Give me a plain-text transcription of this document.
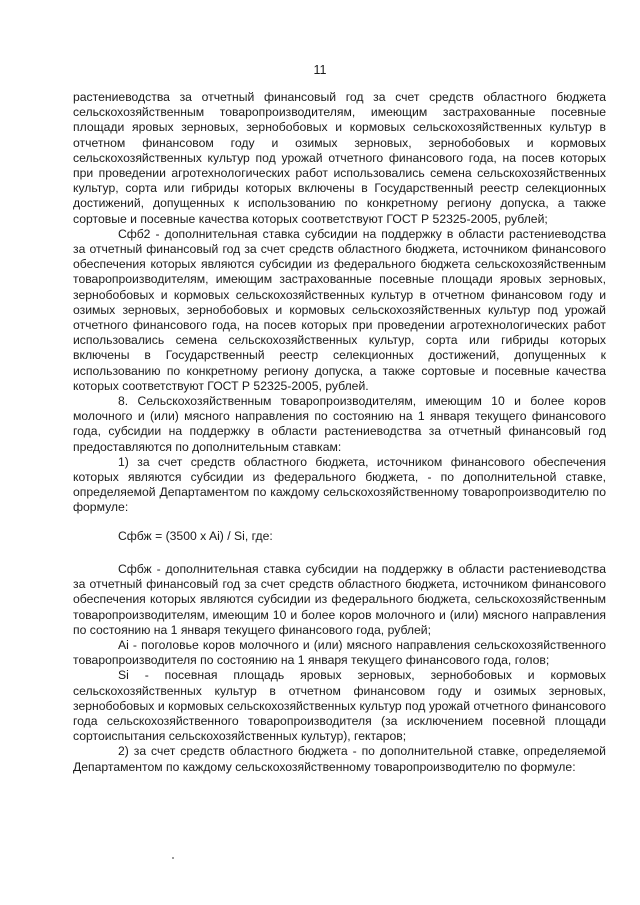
11

растениеводства за отчетный финансовый год за счет средств областного бюджета сельскохозяйственным товаропроизводителям, имеющим застрахованные посевные площади яровых зерновых, зернобобовых и кормовых сельскохозяйственных культур в отчетном финансовом году и озимых зерновых, зернобобовых и кормовых сельскохозяйственных культур под урожай отчетного финансового года, на посев которых при проведении агротехнологических работ использовались семена сельскохозяйственных культур, сорта или гибриды которых включены в Государственный реестр селекционных достижений, допущенных к использованию по конкретному региону допуска, а также сортовые и посевные качества которых соответствуют ГОСТ Р 52325-2005, рублей;

Сфб2 - дополнительная ставка субсидии на поддержку в области растениеводства за отчетный финансовый год за счет средств областного бюджета, источником финансового обеспечения которых являются субсидии из федерального бюджета сельскохозяйственным товаропроизводителям, имеющим застрахованные посевные площади яровых зерновых, зернобобовых и кормовых сельскохозяйственных культур в отчетном финансовом году и озимых зерновых, зернобобовых и кормовых сельскохозяйственных культур под урожай отчетного финансового года, на посев которых при проведении агротехнологических работ использовались семена сельскохозяйственных культур, сорта или гибриды которых включены в Государственный реестр селекционных достижений, допущенных к использованию по конкретному региону допуска, а также сортовые и посевные качества которых соответствуют ГОСТ Р 52325-2005, рублей.

8. Сельскохозяйственным товаропроизводителям, имеющим 10 и более коров молочного и (или) мясного направления по состоянию на 1 января текущего финансового года, субсидии на поддержку в области растениеводства за отчетный финансовый год предоставляются по дополнительным ставкам:

1) за счет средств областного бюджета, источником финансового обеспечения которых являются субсидии из федерального бюджета, - по дополнительной ставке, определяемой Департаментом по каждому сельскохозяйственному товаропроизводителю по формуле:

Сфбж = (3500 x Ai) / Si, где:

Сфбж - дополнительная ставка субсидии на поддержку в области растениеводства за отчетный финансовый год за счет средств областного бюджета, источником финансового обеспечения которых являются субсидии из федерального бюджета, сельскохозяйственным товаропроизводителям, имеющим 10 и более коров молочного и (или) мясного направления по состоянию на 1 января текущего финансового года, рублей;

Ai - поголовье коров молочного и (или) мясного направления сельскохозяйственного товаропроизводителя по состоянию на 1 января текущего финансового года, голов;

Si - посевная площадь яровых зерновых, зернобобовых и кормовых сельскохозяйственных культур в отчетном финансовом году и озимых зерновых, зернобобовых и кормовых сельскохозяйственных культур под урожай отчетного финансового года сельскохозяйственного товаропроизводителя (за исключением посевной площади сортоиспытания сельскохозяйственных культур), гектаров;

2) за счет средств областного бюджета - по дополнительной ставке, определяемой Департаментом по каждому сельскохозяйственному товаропроизводителю по формуле:
